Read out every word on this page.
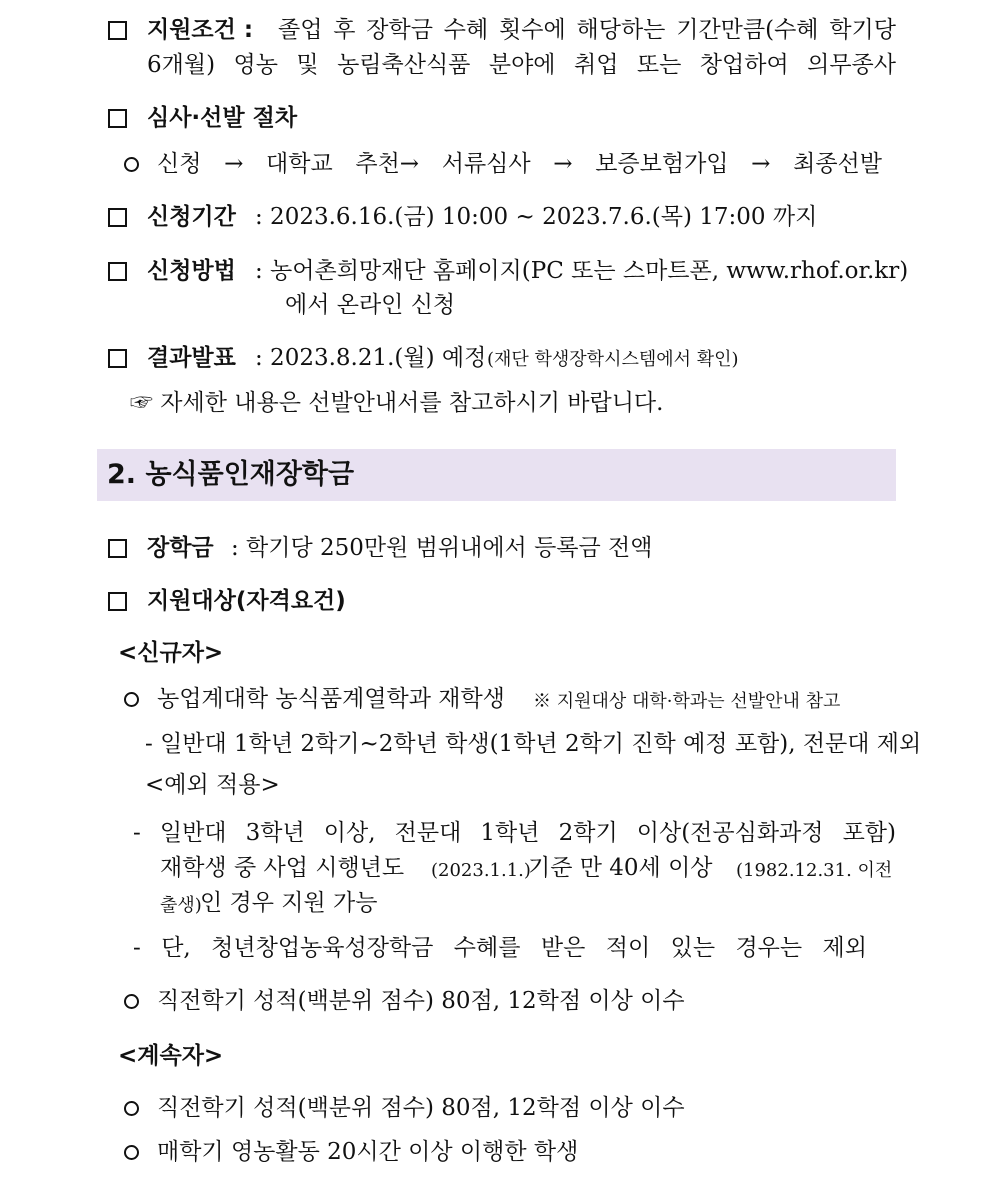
지원조건 : 졸업 후 장학금 수혜 횟수에 해당하는 기간만큼(수혜 학기당
6개월) 영농 및 농림축산식품 분야에 취업 또는 창업하여 의무종사
심사·선발 절차
신청 → 대학교 추천→ 서류심사 → 보증보험가입 → 최종선발
신청기간 : 2023.6.16.(금) 10:00 ~ 2023.7.6.(목) 17:00 까지
신청방법 : 농어촌희망재단 홈페이지(PC 또는 스마트폰, www.rhof.or.kr)
에서 온라인 신청
결과발표 : 2023.8.21.(월) 예정 (재단 학생장학시스템에서 확인)
☞ 자세한 내용은 선발안내서를 참고하시기 바랍니다.
2. 농식품인재장학금
장학금 : 학기당 250만원 범위내에서 등록금 전액
지원대상(자격요건)
<신규자>
농업계대학 농식품계열학과 재학생 ※ 지원대상 대학·학과는 선발안내 참고
- 일반대 1학년 2학기~2학년 학생(1학년 2학기 진학 예정 포함), 전문대 제외
<예외 적용>
- 일반대 3학년 이상, 전문대 1학년 2학기 이상(전공심화과정 포함)
재학생 중 사업 시행년도 (2023.1.1.)
기준 만 40세 이상 (1982.12.31. 이전
출생)
인 경우 지원 가능
- 단, 청년창업농육성장학금 수혜를 받은 적이 있는 경우는 제외
직전학기 성적(백분위 점수) 80점, 12학점 이상 이수
<계속자>
직전학기 성적(백분위 점수) 80점, 12학점 이상 이수
매학기 영농활동 20시간 이상 이행한 학생
